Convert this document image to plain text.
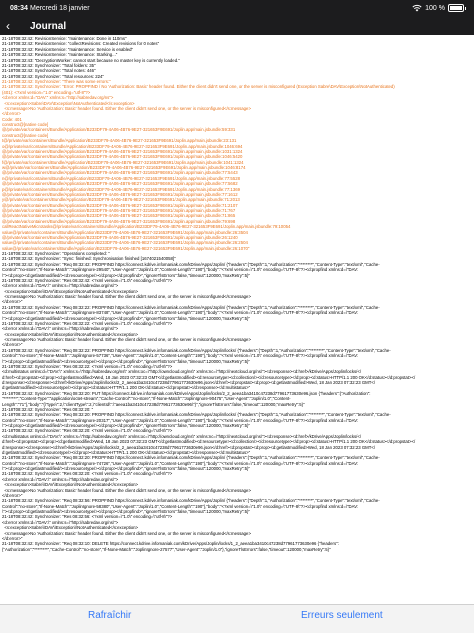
08:34 Mercredi 18 janvier	100 %
‹ Journal
21-18T08:32:42: RevisionService: "maintenance: Done in 110ms"
21-18T08:32:42: RevisionService: "collectRevisions: Created revisions for 0 notes"
21-18T08:32:42: RevisionService: "maintenance: Service is enabled"
21-18T08:32:42: RevisionService: "maintenance: Starking..."
21-18T08:32:43: "DecryptionWorker: cannot start because no master key is currently loaded."
21-18T08:32:42: Synchronizer: "Total folders: 35"
21-18T08:32:42: Synchronizer: "Total notes: 446"
21-18T08:32:42: Synchronizer: "Total resources: 224"
21-18T08:32:42: Synchronizer: "There was some errors:"
21-18T08:32:42: Synchronizer: "Error: PROPFIND / No 'Authorization: Basic' header found. Either the client didn't send one, or the server is misconfigured (Exception Sabre\DAV\Exception\NotAuthenticated)
(401): <?xml version="1.0" encoding="utf-8"?>
<d:error xmlns:d="DAV:" xmlns:s="http://sabredav.org/ns">
<s:exception>Sabre\DAV\Exception\NotAuthenticated</s:exception>
<s:message>No 'Authorization: Basic' header found. Either the client didn't send one, or the server is misconfigured</s:message>
</d:error>
Code: 401
construct@[native code]
@/private/var/containers/Bundle/Application/B233DF79-4A06-4B76-9E27-321653F9E691/Joplin.app/main.jsbundle:59:331
construct@[native code]
t@/private/var/containers/Bundle/Application/B233DF79-4A06-4B76-9E27-321653F9E691/Joplin.app/main.jsbundle:23:131
o@/private/var/containers/Bundle/Application/B233DF79-4A06-4B76-9E27-321653F9E691/Joplin.app/main.jsbundle:1046:694
@/private/var/containers/Bundle/Application/B233DF79-4A06-4B76-9E27-321653F9E691/Joplin.app/main.jsbundle:1031:1324
@/private/var/containers/Bundle/Application/B233DF79-4A06-4B76-9E27-321653F9E691/Joplin.app/main.jsbundle:1046:5420
f@/private/var/containers/Bundle/Application/B233DF79-4A06-4B76-9E27-321653F9E691/Joplin.app/main.jsbundle:1041:1324
w@/private/var/containers/Bundle/Application/B233DF79-4A06-4B76-9E27-321653F9E691/Joplin.app/main.jsbundle:1046:8174
@/private/var/containers/Bundle/Application/B233DF79-4A06-4B76-9E27-321653F9E691/Joplin.app/main.jsbundle:77:5443
n@/private/var/containers/Bundle/Application/B233DF79-4A06-4B76-9E27-321653F9E691/Joplin.app/main.jsbundle:77:5528
@/private/var/containers/Bundle/Application/B233DF79-4A06-4B76-9E27-321653F9E691/Joplin.app/main.jsbundle:77:5682
p@/private/var/containers/Bundle/Application/B233DF79-4A06-4B76-9E27-321653F9E691/Joplin.app/main.jsbundle:77:1369
@/private/var/containers/Bundle/Application/B233DF79-4A06-4B76-9E27-321653F9E691/Joplin.app/main.jsbundle:77:1612
y@/private/var/containers/Bundle/Application/B233DF79-4A06-4B76-9E27-321653F9E691/Joplin.app/main.jsbundle:71:2013
@/private/var/containers/Bundle/Application/B233DF79-4A06-4B76-9E27-321653F9E691/Joplin.app/main.jsbundle:71:2107
@/private/var/containers/Bundle/Application/B233DF79-4A06-4B76-9E27-321653F9E691/Joplin.app/main.jsbundle:71:767
@/private/var/containers/Bundle/Application/B233DF79-4A06-4B76-9E27-321653F9E691/Joplin.app/main.jsbundle:71:865
@/private/var/containers/Bundle/Application/B233DF79-4A06-4B76-9E27-321653F9E691/Joplin.app/main.jsbundle:79:698
callReactNativeMicrotasks@/private/var/containers/Bundle/Application/B233DF79-4A06-4B76-9E27-321653F9E691/Joplin.app/main.jsbundle:79:10054
value@/private/var/containers/Bundle/Application/B233DF79-4A06-4B76-9E27-321653F9E691/Joplin.app/main.jsbundle:26:3504
@/private/var/containers/Bundle/Application/B233DF79-4A06-4B76-9E27-321653F9E691/Joplin.app/main.jsbundle:26:1240
value@/private/var/containers/Bundle/Application/B233DF79-4A06-4B76-9E27-321653F9E691/Joplin.app/main.jsbundle:26:2504
value@/private/var/containers/Bundle/Application/B233DF79-4A06-4B76-9E27-321653F9E691/Joplin.app/main.jsbundle:26:1070"
21-18T08:32:42: Synchronizer: "Operations completed: "
21-18T08:32:42: Synchronizer: "Sync: finished: Synchronisation finished [1674021540058]"
21-18T08:32:42: Synchronizer: "Req 08:32:42: PROPFIND https://connect.kdrive.infomaniak.com/kDrive/Apps/Joplin/ {"headers":{"Depth":1,"Authorization":"********","Content-Type":"text/xml","Cache-
Control":"no-store","If-None-Match":"JoplinIgnore-29540","User-Agent":"Joplin/1.0","Content-Length":"190"},"body":"<?xml version=\"1.0\" encoding=\"UTF-8\"?><d:propfind xmlns:d=\"DAV:
\"><d:prop><d:getlastmodified/><d:resourcetype/></d:prop></d:propfind>","ignoreTlsErrors":false,"timeout":120000,"maxRetry":5}"
21-18T08:32:42: Synchronizer: "Res 08:32:42: <?xml version=\"1.0\" encoding=\"utf-8\"?>
<d:error xmlns:d=\"DAV:\" xmlns:s=\"http://sabredav.org/ns\">
<s:exception>Sabre\\DAV\\Exception\\NotAuthenticated</s:exception>
<s:message>No 'Authorization: Basic' header found. Either the client didn't send one, or the server is misconfigured</s:message>
</d:error>"
21-18T08:32:42: Synchronizer: "Req 08:32:22: PROPFIND https://connect.kdrive.infomaniak.com/kDrive/Apps/Joplin/ {"headers":{"Depth":1,"Authorization":"********","Content-Type":"text/xml","Cache-
Control":"no-store","If-None-Match":"JoplinIgnore-83748","User-Agent":"Joplin/1.0","Content-Length":"190"},"body":"<?xml version=\"1.0\" encoding=\"UTF-8\"?><d:propfind xmlns:d=\"DAV:
\"><d:prop><d:getlastmodified/><d:resourcetype/></d:prop></d:propfind>","ignoreTlsErrors":false,"timeout":120000,"maxRetry":5}"
21-18T08:32:42: Synchronizer: "Res 08:32:22: <?xml version=\"1.0\" encoding=\"utf-8\"?>
<d:error xmlns:d=\"DAV:\" xmlns:s=\"http://sabredav.org/ns\">
<s:exception>Sabre\\DAV\\Exception\\NotAuthenticated</s:exception>
<s:message>No 'Authorization: Basic' header found. Either the client didn't send one, or the server is misconfigured</s:message>
</d:error>"
21-18T08:32:42: Synchronizer: "Req 08:32:22: PROPFIND https://connect.kdrive.infomaniak.com/kDrive/Apps/Joplin/locks/ {"headers":{"Depth":1,"Authorization":"********","Content-Type":"text/xml","Cache-
Control":"no-store","If-None-Match":"JoplinIgnore-57736","User-Agent":"Joplin/1.0","Content-Length":"190"},"body":"<?xml version=\"1.0\" encoding=\"UTF-8\"?><d:propfind xmlns:d=\"DAV:
\"><d:prop><d:getlastmodified/><d:resourcetype/></d:prop></d:propfind>","ignoreTlsErrors":false,"timeout":120000,"maxRetry":5}"
21-18T08:32:42: Synchronizer: "Res 08:32:22: <?xml version=\"1.0\" encoding=\"utf-8\"?>
<d:multistatus xmlns:d=\"DAV:\" xmlns:s=\"http://sabredav.org/ns\" xmlns:oc=\"http://owncloud.org/ns\" xmlns:nc=\"http://nextcloud.org/ns\"><d:response><d:href>/kDrive/Apps/Joplin/locks/</
d:href><d:propstat><d:prop><d:getlastmodified>Wed, 18 Jan 2023 07:32:23 GMT</d:getlastmodified><d:resourcetype><d:collection/></d:resourcetype></d:prop><d:status>HTTP/1.1 200 OK</d:status></d:propstat></
d:response><d:response><d:href>/kDrive/Apps/Joplin/locks/2_2_aeea1ba3410c47238d77961773630e96.json</d:href><d:propstat><d:prop><d:getlastmodified>Wed, 18 Jan 2023 07:32:23 GMT</
d:getlastmodified><d:resourcetype/></d:prop><d:status>HTTP/1.1 200 OK</d:status></d:propstat></d:response></d:multistatus>"
21-18T08:32:42: Synchronizer: "Req 08:32:20: PUT https://connect.kdrive.infomaniak.com/kDrive/Apps/Joplin/locks/2_2_aeea1ba3410c47238d77961773630e96.json {"headers":{"Authorization":
"********","Content-Type":"application/octet-stream","Cache-Control":"no-store","If-None-Match":"JoplinIgnore-90475","User-Agent":"Joplin/1.0","Content-
Length":"71"},"body":"{\"type\":2,\"clientType\":2,\"clientId\":\"aeea1ba3410c47238d77961773630e96\"}","ignoreTlsErrors":false,"timeout":120000,"maxRetry":5}"
21-18T08:32:42: Synchronizer: "Res 08:32:20: "
21-18T08:32:42: Synchronizer: "Req 08:32:20: PROPFIND https://connect.kdrive.infomaniak.com/kDrive/Apps/Joplin/locks/ {"headers":{"Depth":1,"Authorization":"********","Content-Type":"text/xml","Cache-
Control":"no-store","If-None-Match":"JoplinIgnore-20317","User-Agent":"Joplin/1.0","Content-Length":"190"},"body":"<?xml version=\"1.0\" encoding=\"UTF-8\"?><d:propfind xmlns:d=\"DAV:
\"><d:prop><d:getlastmodified/><d:resourcetype/></d:prop></d:propfind>","ignoreTlsErrors":false,"timeout":120000,"maxRetry":5}"
21-18T08:32:42: Synchronizer: "Res 08:32:20: <?xml version=\"1.0\" encoding=\"utf-8\"?>
<d:multistatus xmlns:d=\"DAV:\" xmlns:s=\"http://sabredav.org/ns\" xmlns:oc=\"http://owncloud.org/ns\" xmlns:nc=\"http://nextcloud.org/ns\"><d:response><d:href>/kDrive/Apps/Joplin/locks/</
d:href><d:propstat><d:prop><d:getlastmodified>Wed, 18 Jan 2023 07:32:23 GMT</d:getlastmodified><d:resourcetype><d:collection/></d:resourcetype></d:prop><d:status>HTTP/1.1 200 OK</d:status></d:propstat></
d:response><d:response><d:href>/kDrive/Apps/Joplin/locks/2_2_aeea1ba3410c47238d77961773630e96.json</d:href><d:propstat><d:prop><d:getlastmodified>Wed, 18 Jan 2023 07:32:23 GMT</
d:getlastmodified><d:resourcetype/></d:prop><d:status>HTTP/1.1 200 OK</d:status></d:propstat></d:response></d:multistatus>"
21-18T08:32:42: Synchronizer: "Req 08:32:20: PROPFIND https://connect.kdrive.infomaniak.com/kDrive/Apps/Joplin/ {"headers":{"Depth":1,"Authorization":"********","Content-Type":"text/xml","Cache-
Control":"no-store","If-None-Match":"JoplinIgnore-74726","User-Agent":"Joplin/1.0","Content-Length":"190"},"body":"<?xml version=\"1.0\" encoding=\"UTF-8\"?><d:propfind xmlns:d=\"DAV:
\"><d:prop><d:getlastmodified/><d:resourcetype/></d:prop></d:propfind>","ignoreTlsErrors":false,"timeout":120000,"maxRetry":5}"
21-18T08:32:42: Synchronizer: "Res 08:32:20: <?xml version=\"1.0\" encoding=\"utf-8\"?>
<d:error xmlns:d=\"DAV:\" xmlns:s=\"http://sabredav.org/ns\">
<s:exception>Sabre\\DAV\\Exception\\NotAuthenticated</s:exception>
<s:message>No 'Authorization: Basic' header found. Either the client didn't send one, or the server is misconfigured</s:message>
</d:error>"
21-18T08:32:42: Synchronizer: "Req 08:32:56: PROPFIND https://connect.kdrive.infomaniak.com/kDrive/Apps/Joplin/ {"headers":{"Depth":1,"Authorization":"********","Content-Type":"text/xml","Cache-
Control":"no-store","If-None-Match":"JoplinIgnore-58380","User-Agent":"Joplin/1.0","Content-Length":"190"},"body":"<?xml version=\"1.0\" encoding=\"UTF-8\"?><d:propfind xmlns:d=\"DAV:
\"><d:prop><d:getlastmodified/><d:resourcetype/></d:prop></d:propfind>","ignoreTlsErrors":false,"timeout":120000,"maxRetry":5}"
21-18T08:32:42: Synchronizer: "Res 08:32:56: <?xml version=\"1.0\" encoding=\"utf-8\"?>
<d:error xmlns:d=\"DAV:\" xmlns:s=\"http://sabredav.org/ns\">
<s:exception>Sabre\\DAV\\Exception\\NotAuthenticated</s:exception>
<s:message>No 'Authorization: Basic' header found. Either the client didn't send one, or the server is misconfigured</s:message>
</d:error>"
21-18T08:32:42: Synchronizer: "Req 08:32:10: DELETE https://connect.kdrive.infomaniak.com/kDrive/Apps/Joplin/locks/1_2_aeea1ba3410c47238d77961773630e96 {"headers":
{"Authorization":"********","Cache-Control":"no-store","If-None-Match":"JoplinIgnore-27577","User-Agent":"Joplin/1.0"},"ignoreTlsErrors":false,"timeout":120000,"maxRetry":5}"
Rafraîchir	Erreurs seulement
